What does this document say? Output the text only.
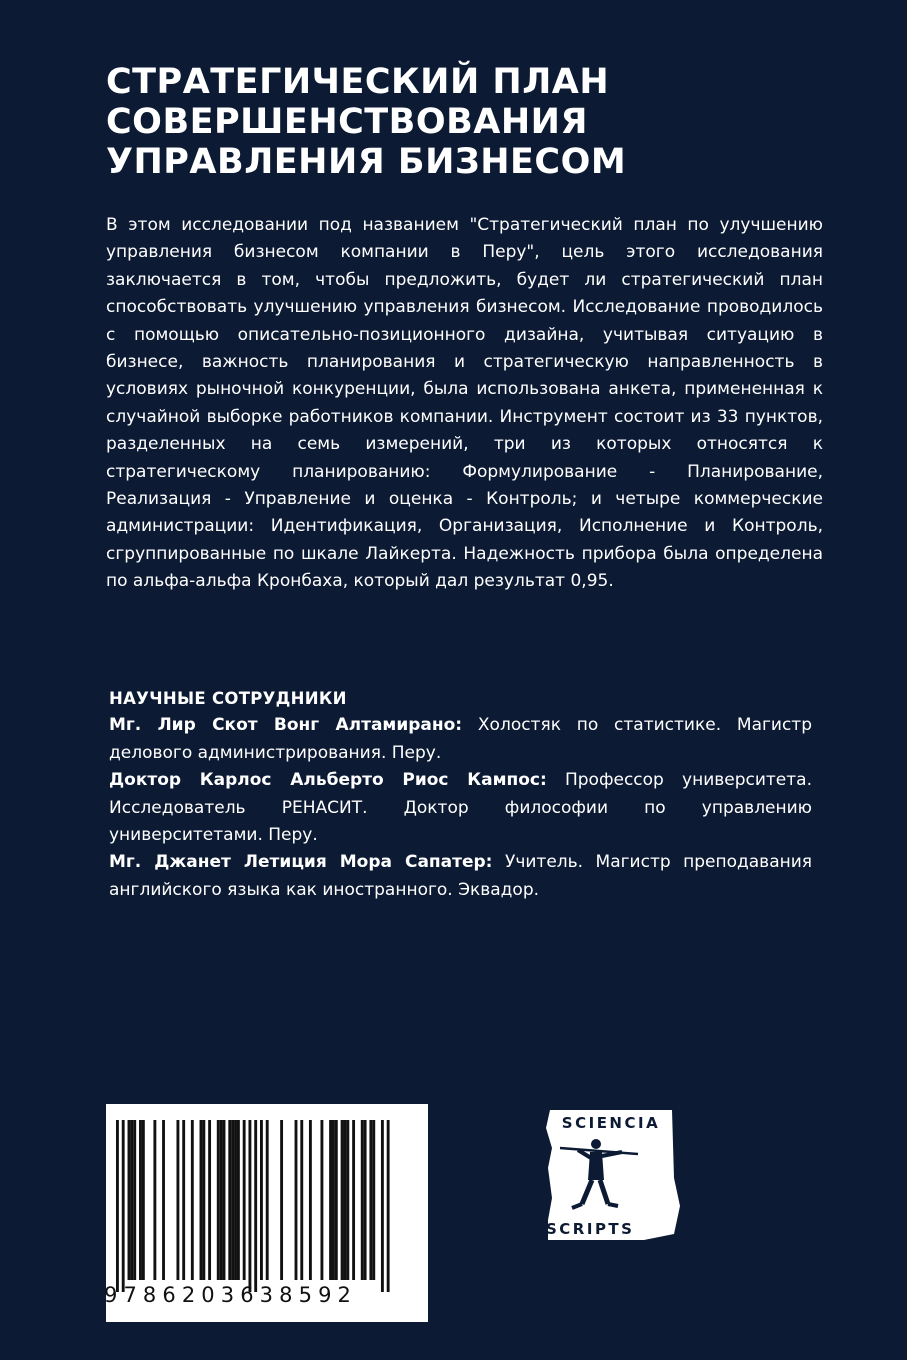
СТРАТЕГИЧЕСКИЙ ПЛАН
СОВЕРШЕНСТВОВАНИЯ
УПРАВЛЕНИЯ БИЗНЕСОМ

В этом исследовании под названием "Стратегический план по улучшению управления бизнесом компании в Перу", цель этого исследования заключается в том, чтобы предложить, будет ли стратегический план способствовать улучшению управления бизнесом. Исследование проводилось с помощью описательно-позиционного дизайна, учитывая ситуацию в бизнесе, важность планирования и стратегическую направленность в условиях рыночной конкуренции, была использована анкета, примененная к случайной выборке работников компании. Инструмент состоит из 33 пунктов, разделенных на семь измерений, три из которых относятся к стратегическому планированию: Формулирование - Планирование, Реализация - Управление и оценка - Контроль; и четыре коммерческие администрации: Идентификация, Организация, Исполнение и Контроль, сгруппированные по шкале Лайкерта. Надежность прибора была определена по альфа-альфа Кронбаха, который дал результат 0,95.

НАУЧНЫЕ СОТРУДНИКИ

Мг. Лир Скот Вонг Алтамирано: Холостяк по статистике. Магистр делового администрирования. Перу.

Доктор Карлос Альберто Риос Кампос: Профессор университета. Исследователь РЕНАСИТ. Доктор философии по управлению университетами. Перу.

Мг. Джанет Летиция Мора Сапатер: Учитель. Магистр преподавания английского языка как иностранного. Эквадор.

9786203638592
SCIENCIA
SCRIPTS
